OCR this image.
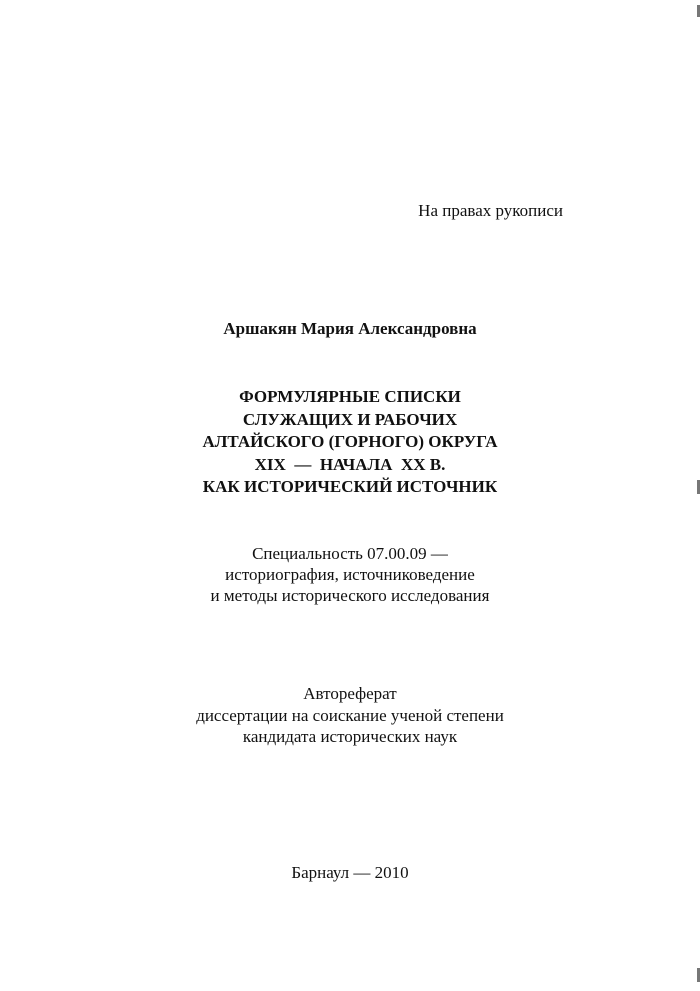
На правах рукописи
Аршакян Мария Александровна
ФОРМУЛЯРНЫЕ СПИСКИ
СЛУЖАЩИХ И РАБОЧИХ
АЛТАЙСКОГО (ГОРНОГО) ОКРУГА
XIX  —  НАЧАЛА  XX В.
КАК ИСТОРИЧЕСКИЙ ИСТОЧНИК
Специальность 07.00.09 —
историография, источниковедение
и методы исторического исследования
Автореферат
диссертации на соискание ученой степени
кандидата исторических наук
Барнаул — 2010
